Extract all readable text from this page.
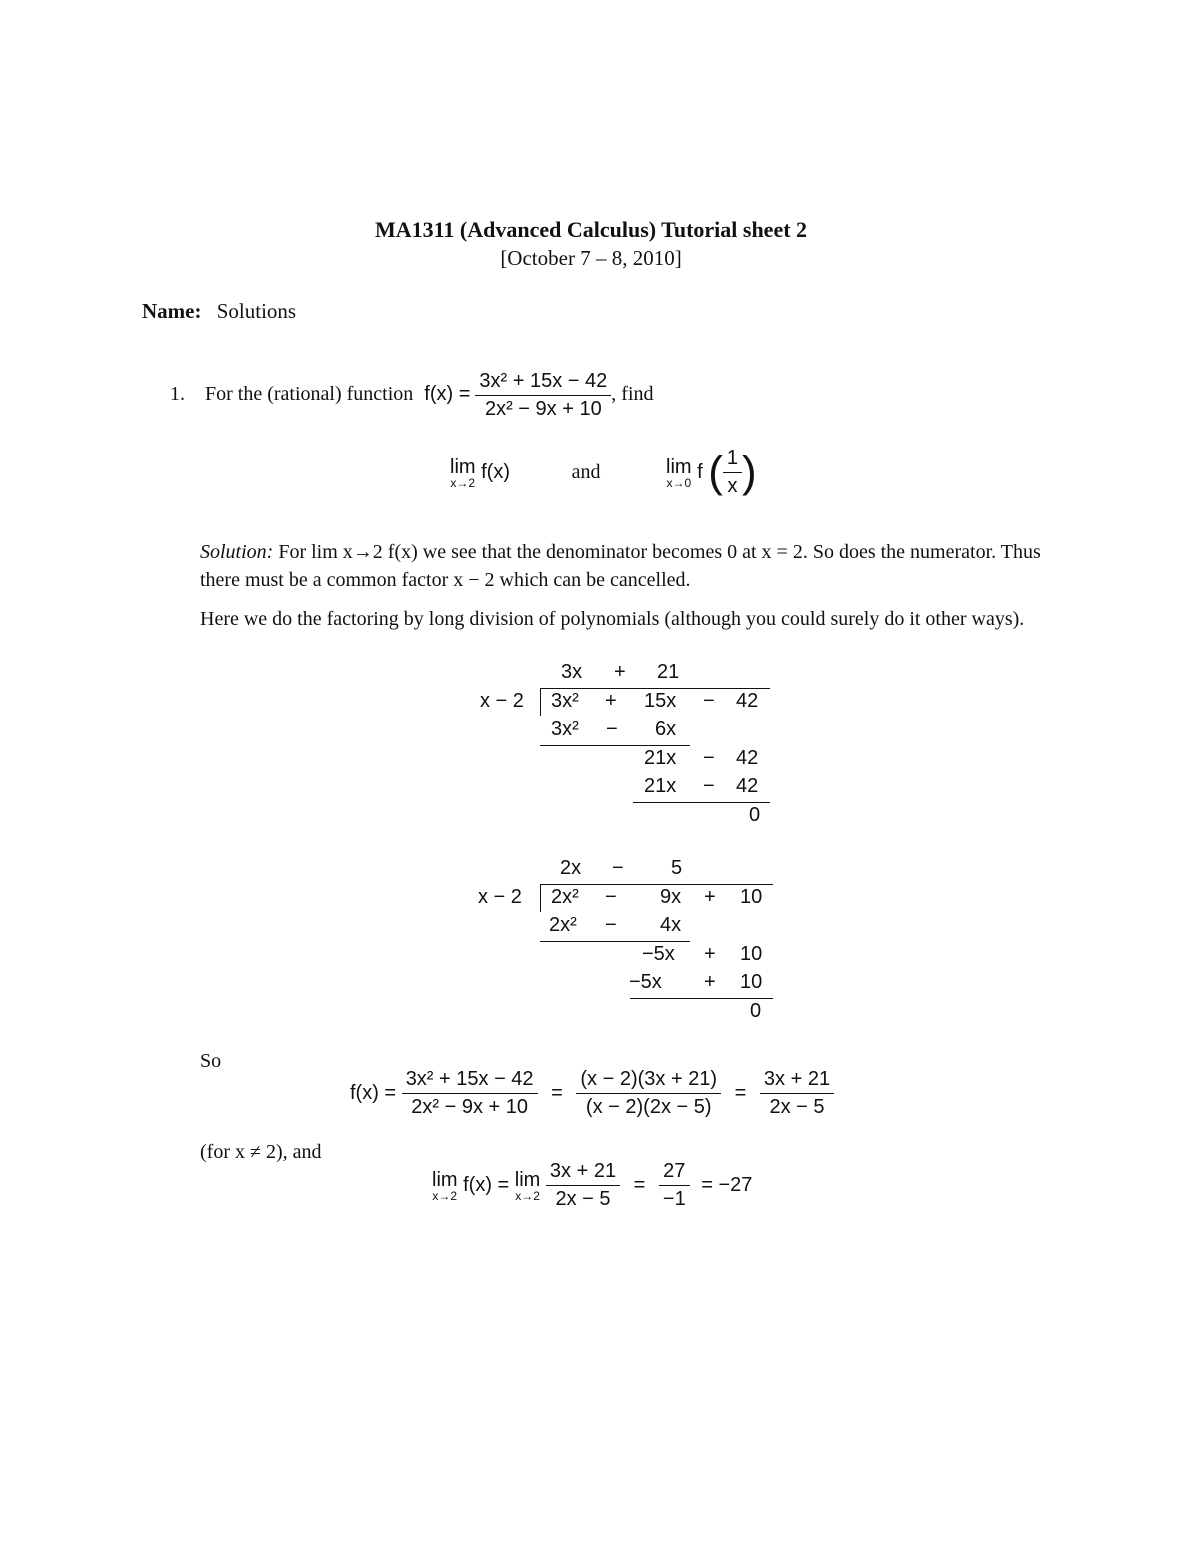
MA1311 (Advanced Calculus) Tutorial sheet 2
[October 7 – 8, 2010]
Name: Solutions
1. For the (rational) function $f(x) = \frac{\text{3x² + 15x − 42}}{\text{2x² − 9x + 10}}$ , find
lim
x→2 f(x)	and	lim
x→0 f ( $\frac{1}{x}$ )
Solution: For lim x→2 f(x) we see that the denominator becomes 0 at x = 2. So does the numerator. Thus there must be a common factor x − 2 which can be cancelled.
Here we do the factoring by long division of polynomials (although you could surely do it other ways).
3x + 21
x − 2 3x² + 15x − 42
3x² − 6x
21x − 42
21x − 42
0
2x − 5
x − 2 2x² − 9x + 10
2x² − 4x
−5x + 10
−5x + 10
0
So
$f(x) = \frac{\text{3x² + 15x − 42}}{\text{2x² − 9x + 10}} = \frac{(x - 2)(3x + 21)}{(x - 2)(2x - 5)} = \frac{3x + 21}{2x - 5}$
(for x ≠ 2), and
lim
x→2 f(x) = lim
x→2
$\frac{3x + 21}{2x - 5} = \frac{27}{-1} = -27$
